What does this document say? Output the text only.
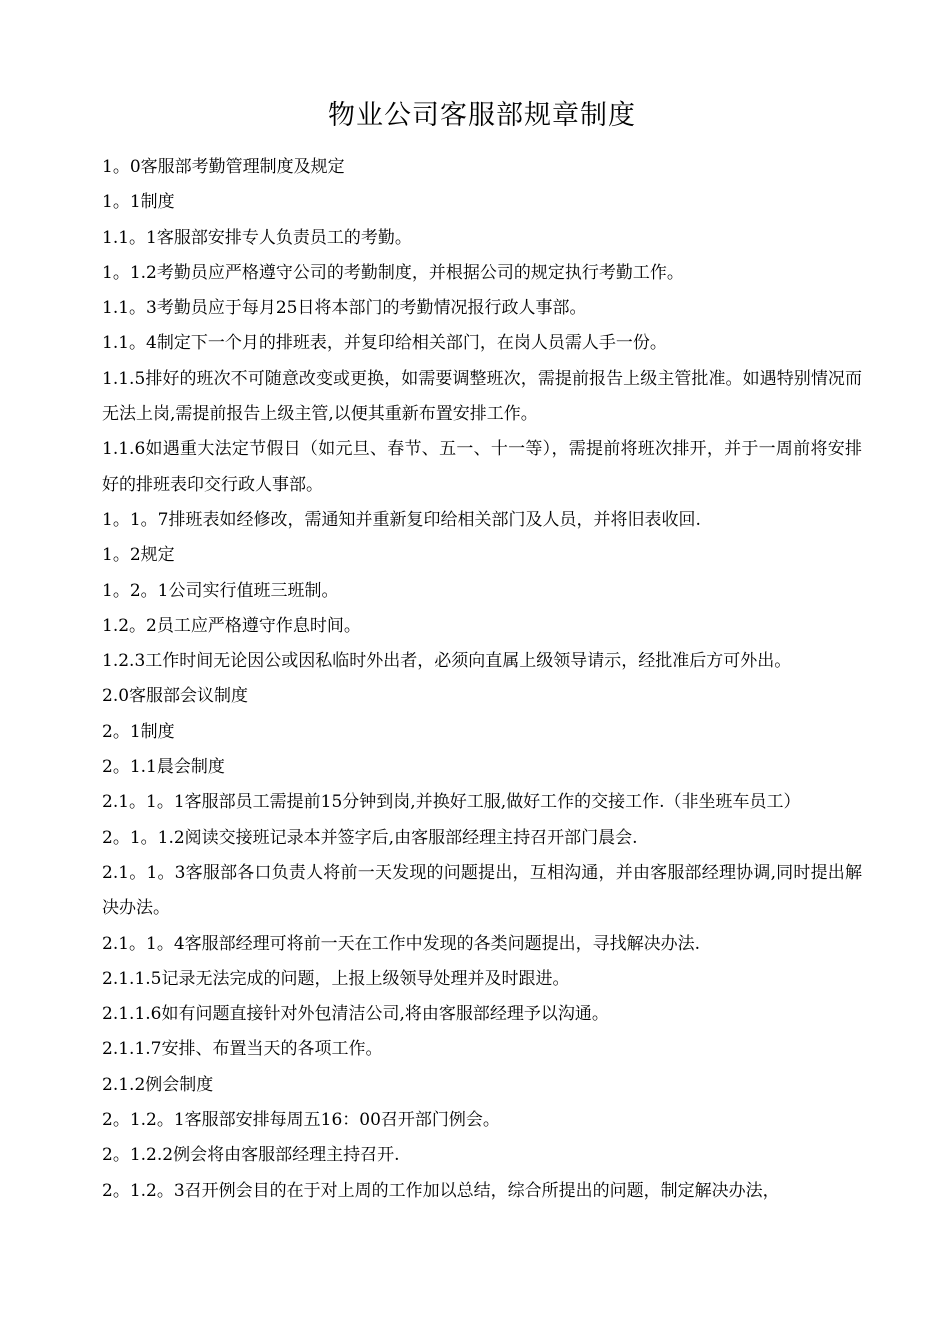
物业公司客服部规章制度

1。0客服部考勤管理制度及规定

1。1制度

1.1。1客服部安排专人负责员工的考勤。

1。1.2考勤员应严格遵守公司的考勤制度，并根据公司的规定执行考勤工作。

1.1。3考勤员应于每月25日将本部门的考勤情况报行政人事部。

1.1。4制定下一个月的排班表，并复印给相关部门，在岗人员需人手一份。

1.1.5排好的班次不可随意改变或更换，如需要调整班次，需提前报告上级主管批准。如遇特别情况而无法上岗,需提前报告上级主管,以便其重新布置安排工作。

1.1.6如遇重大法定节假日（如元旦、春节、五一、十一等），需提前将班次排开，并于一周前将安排好的排班表印交行政人事部。

1。1。7排班表如经修改，需通知并重新复印给相关部门及人员，并将旧表收回.

1。2规定

1。2。1公司实行值班三班制。

1.2。2员工应严格遵守作息时间。

1.2.3工作时间无论因公或因私临时外出者，必须向直属上级领导请示，经批准后方可外出。

2.0客服部会议制度

2。1制度

2。1.1晨会制度

2.1。1。1客服部员工需提前15分钟到岗,并换好工服,做好工作的交接工作.（非坐班车员工）

2。1。1.2阅读交接班记录本并签字后,由客服部经理主持召开部门晨会.

2.1。1。3客服部各口负责人将前一天发现的问题提出，互相沟通，并由客服部经理协调,同时提出解决办法。

2.1。1。4客服部经理可将前一天在工作中发现的各类问题提出，寻找解决办法.

2.1.1.5记录无法完成的问题，上报上级领导处理并及时跟进。

2.1.1.6如有问题直接针对外包清洁公司,将由客服部经理予以沟通。

2.1.1.7安排、布置当天的各项工作。

2.1.2例会制度

2。1.2。1客服部安排每周五16：00召开部门例会。

2。1.2.2例会将由客服部经理主持召开.

2。1.2。3召开例会目的在于对上周的工作加以总结，综合所提出的问题，制定解决办法，
